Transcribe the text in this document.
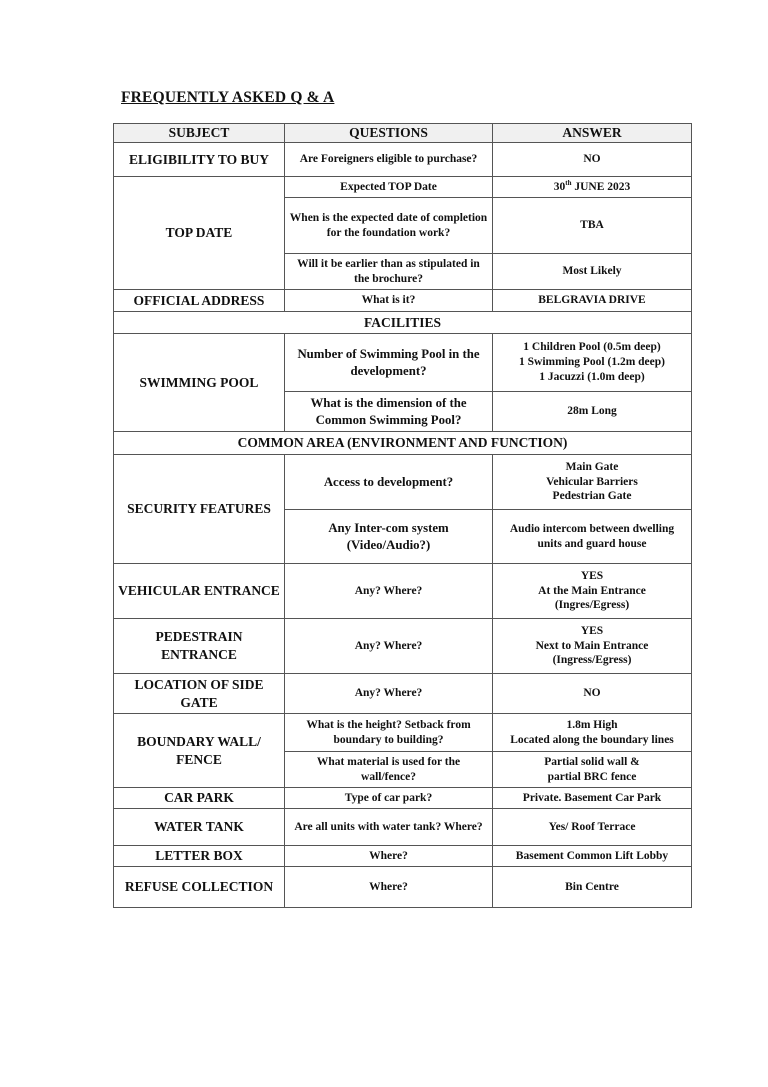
FREQUENTLY ASKED Q & A
SUBJECT	QUESTIONS	ANSWER
ELIGIBILITY TO BUY	Are Foreigners eligible to purchase?	NO
TOP DATE	Expected TOP Date	30th JUNE 2023
	When is the expected date of completion for the foundation work?	TBA
	Will it be earlier than as stipulated in the brochure?	Most Likely
OFFICIAL ADDRESS	What is it?	BELGRAVIA DRIVE
FACILITIES		
SWIMMING POOL	Number of Swimming Pool in the development?	1 Children Pool (0.5m deep)
1 Swimming Pool (1.2m deep)
1 Jacuzzi (1.0m deep)

	What is the dimension of the Common Swimming Pool?	28m Long
COMMON AREA (ENVIRONMENT AND FUNCTION)		
SECURITY FEATURES	Access to development?	Main Gate
Vehicular Barriers
Pedestrian Gate

	Any Inter-com system (Video/Audio?)	Audio intercom between dwelling units and guard house
VEHICULAR ENTRANCE	Any? Where?	YES
At the Main Entrance
(Ingres/Egress)

PEDESTRAIN ENTRANCE	Any? Where?	YES
Next to Main Entrance
(Ingress/Egress)

LOCATION OF SIDE GATE	Any? Where?	NO
BOUNDARY WALL/ FENCE	What is the height? Setback from boundary to building?	1.8m High
Located along the boundary lines

	What material is used for the wall/fence?	Partial solid wall &
partial BRC fence

CAR PARK	Type of car park?	Private. Basement Car Park
WATER TANK	Are all units with water tank? Where?	Yes/ Roof Terrace
LETTER BOX	Where?	Basement Common Lift Lobby
REFUSE COLLECTION	Where?	Bin Centre
